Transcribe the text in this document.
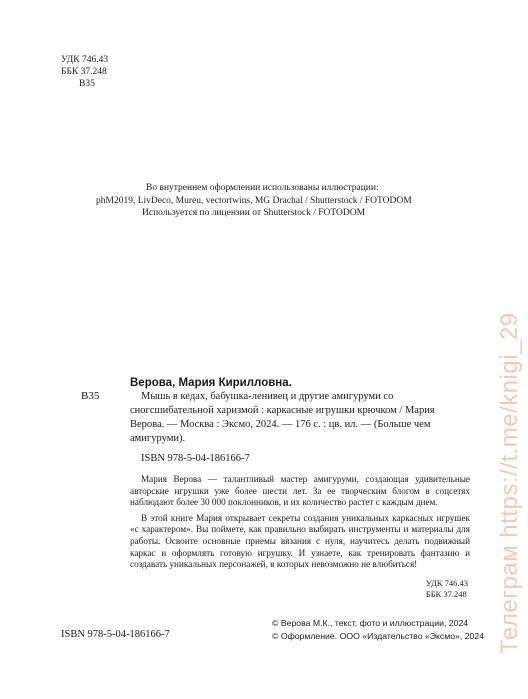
УДК 746.43
ББК 37.248
В35
Во внутреннем оформлении использованы иллюстрации:
phM2019, LivDeco, Mureu, vectortwins, MG Drachal / Shutterstock / FOTODOM
Используется по лицензии от Shutterstock / FOTODOM
Верова, Мария Кирилловна.
В35	Мышь в кедах, бабушка-ленивец и другие амигуруми со сногсшибательной харизмой : каркасные игрушки крючком / Мария Верова. — Москва : Эксмо, 2024. — 176 с. : цв. ил. — (Больше чем амигуруми).
ISBN 978-5-04-186166-7

Мария Верова — талантливый мастер амигуруми, создающая удивительные авторские игрушки уже более шести лет. За ее творческим блогом в соцсетях наблюдают более 30 000 поклонников, и их количество растет с каждым днем.

В этой книге Мария открывает секреты создания уникальных каркасных игрушек «с характером». Вы поймете, как правильно выбирать инструменты и материалы для работы. Освоите основные приемы вязания с нуля, научитесь делать подвижный каркас и оформлять готовую игрушку. И узнаете, как тренировать фантазию и создавать уникальных персонажей, в которых невозможно не влюбиться!

УДК 746.43
ББК 37.248
ISBN 978-5-04-186166-7
© Верова М.К., текст, фото и иллюстрации, 2024
© Оформление. ООО «Издательство «Эксмо», 2024 Телеграм https://t.me/knigi_29
